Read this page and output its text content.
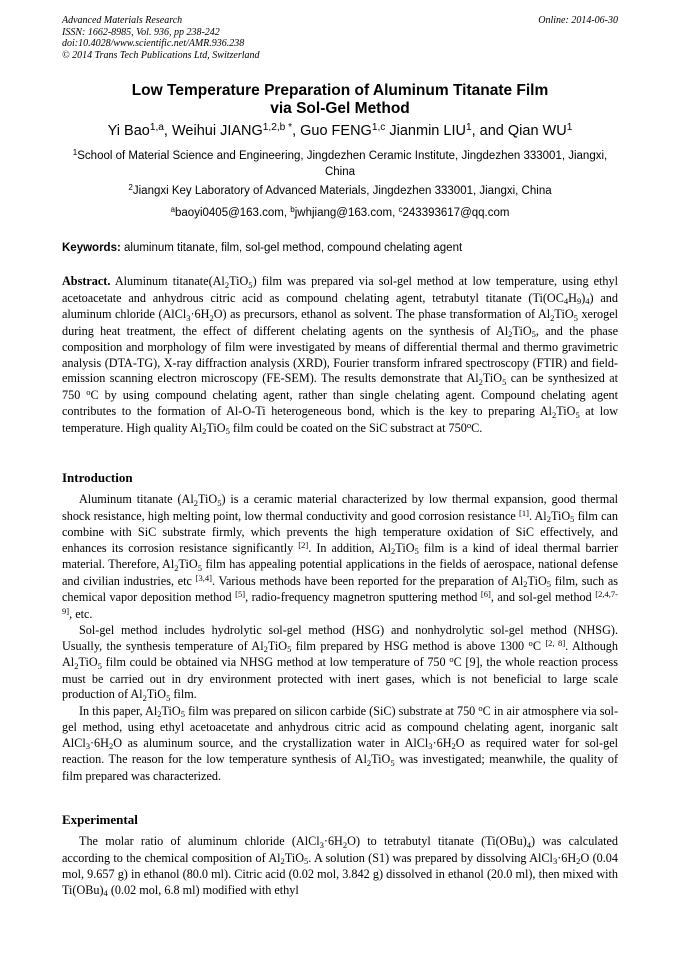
Advanced Materials Research
ISSN: 1662-8985, Vol. 936, pp 238-242
doi:10.4028/www.scientific.net/AMR.936.238
© 2014 Trans Tech Publications Ltd, Switzerland
Online: 2014-06-30
Low Temperature Preparation of Aluminum Titanate Film
via Sol-Gel Method
Yi Bao$^{1,a}$, Weihui $JIANG^{1,2,b *}$, Guo FENG$^{1,c}$ Jianmin LIU$^1$, and Qian $WU^1$
$^1$School of Material Science and Engineering, Jingdezhen Ceramic Institute, Jingdezhen 333001, Jiangxi, China
$^2$Jiangxi Key Laboratory of Advanced Materials, Jingdezhen 333001, Jiangxi, China
$^a$baoyi0405@163.com, $^b$jwhjiang@163.com, $^c$243393617@qq.com
Keywords: aluminum titanate, film, sol-gel method, compound chelating agent

Abstract. Aluminum $titanate(Al_2TiO_5)$ film was prepared via sol-gel method at low temperature, using ethyl acetoacetate and anhydrous citric acid as compound chelating agent, tetrabutyl titanate $(Ti(OC_4H_9)_4)$ and aluminum chloride $(AlCl_3\cdot 6H_2O)$ as precursors, ethanol as solvent. The phase transformation of $Al_2TiO_5$ xerogel during heat treatment, the effect of different chelating agents on the synthesis of $Al_2TiO_5$, and the phase composition and morphology of film were investigated by means of differential thermal and thermo gravimetric analysis (DTA-TG), X-ray diffraction analysis (XRD), Fourier transform infrared spectroscopy (FTIR) and field-emission scanning electron microscopy (FE-SEM). The results demonstrate that $Al_2TiO_5$ can be synthesized at 750 $^o$C by using compound chelating agent, rather than single chelating agent. Compound chelating agent contributes to the formation of Al-O-Ti heterogeneous bond, which is the key to preparing $Al_2TiO_5$ at low temperature. High quality $Al_2TiO_5$ film could be coated on the SiC substract at 750$^o$C.

Introduction

Aluminum titanate $(Al_2TiO_5)$ is a ceramic material characterized by low thermal expansion, good thermal shock resistance, high melting point, low thermal conductivity and good corrosion resistance [1]. $Al_2TiO_5$ film can combine with SiC substrate firmly, which prevents the high temperature oxidation of SiC effectively, and enhances its corrosion resistance significantly [2]. In addition, $Al_2TiO_5$ film is a kind of ideal thermal barrier material. Therefore, $Al_2TiO_5$ film has appealing potential applications in the fields of aerospace, national defense and civilian industries, etc [3,4]. Various methods have been reported for the preparation of $Al_2TiO_5$ film, such as chemical vapor deposition method [5], radio-frequency magnetron sputtering method [6], and sol-gel method [2,4,7-9], etc.

Sol-gel method includes hydrolytic sol-gel method (HSG) and nonhydrolytic sol-gel method (NHSG). Usually, the synthesis temperature of $Al_2TiO_5$ film prepared by HSG method is above 1300 $^o$C [2, 8]. Although $Al_2TiO_5$ film could be obtained via NHSG method at low temperature of 750 $^o$C [9], the whole reaction process must be carried out in dry environment protected with inert gases, which is not beneficial to large scale production of $Al_2TiO_5$ film.

In this paper, $Al_2TiO_5$ film was prepared on silicon carbide (SiC) substrate at 750 $^o$C in air atmosphere via sol-gel method, using ethyl acetoacetate and anhydrous citric acid as compound chelating agent, inorganic salt $AlCl_3\cdot 6H_2O$ as aluminum source, and the crystallization water in $AlCl_3\cdot 6H_2O$ as required water for sol-gel reaction. The reason for the low temperature synthesis of $Al_2TiO_5$ was investigated; meanwhile, the quality of film prepared was characterized.

Experimental

The molar ratio of aluminum chloride $(AlCl_3\cdot 6H_2O)$ to tetrabutyl titanate $(Ti(OBu)_4)$ was calculated according to the chemical composition of $Al_2TiO_5$. A solution (S1) was prepared by dissolving $AlCl_3\cdot 6H_2O$ (0.04 mol, 9.657 g) in ethanol (80.0 ml). Citric acid (0.02 mol, 3.842 g) dissolved in ethanol (20.0 ml), then mixed with $Ti(OBu)_4$ (0.02 mol, 6.8 ml) modified with ethyl
